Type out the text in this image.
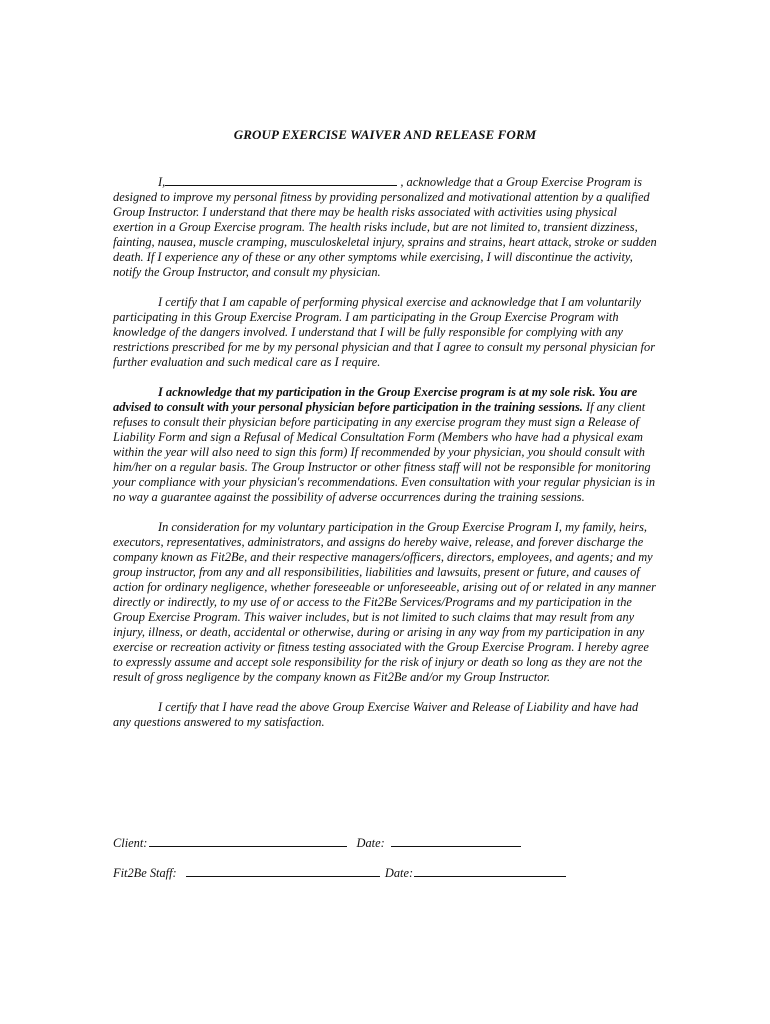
GROUP EXERCISE WAIVER AND RELEASE FORM

I,	, acknowledge that a Group Exercise Program is designed to improve my personal fitness by providing personalized and motivational attention by a qualified Group Instructor. I understand that there may be health risks associated with activities using physical exertion in a Group Exercise program. The health risks include, but are not limited to, transient dizziness, fainting, nausea, muscle cramping, musculoskeletal injury, sprains and strains, heart attack, stroke or sudden death. If I experience any of these or any other symptoms while exercising, I will discontinue the activity, notify the Group Instructor, and consult my physician.

I certify that I am capable of performing physical exercise and acknowledge that I am voluntarily participating in this Group Exercise Program. I am participating in the Group Exercise Program with knowledge of the dangers involved. I understand that I will be fully responsible for complying with any restrictions prescribed for me by my personal physician and that I agree to consult my personal physician for further evaluation and such medical care as I require.

I acknowledge that my participation in the Group Exercise program is at my sole risk. You are advised to consult with your personal physician before participation in the training sessions. If any client refuses to consult their physician before participating in any exercise program they must sign a Release of Liability Form and sign a Refusal of Medical Consultation Form (Members who have had a physical exam within the year will also need to sign this form) If recommended by your physician, you should consult with him/her on a regular basis. The Group Instructor or other fitness staff will not be responsible for monitoring your compliance with your physician's recommendations. Even consultation with your regular physician is in no way a guarantee against the possibility of adverse occurrences during the training sessions.

In consideration for my voluntary participation in the Group Exercise Program I, my family, heirs, executors, representatives, administrators, and assigns do hereby waive, release, and forever discharge the company known as Fit2Be, and their respective managers/officers, directors, employees, and agents; and my group instructor, from any and all responsibilities, liabilities and lawsuits, present or future, and causes of action for ordinary negligence, whether foreseeable or unforeseeable, arising out of or related in any manner directly or indirectly, to my use of or access to the Fit2Be Services/Programs and my participation in the Group Exercise Program. This waiver includes, but is not limited to such claims that may result from any injury, illness, or death, accidental or otherwise, during or arising in any way from my participation in any exercise or recreation activity or fitness testing associated with the Group Exercise Program. I hereby agree to expressly assume and accept sole responsibility for the risk of injury or death so long as they are not the result of gross negligence by the company known as Fit2Be and/or my Group Instructor.

I certify that I have read the above Group Exercise Waiver and Release of Liability and have had any questions answered to my satisfaction.

Client:	Date:
Fit2Be Staff:	Date:
